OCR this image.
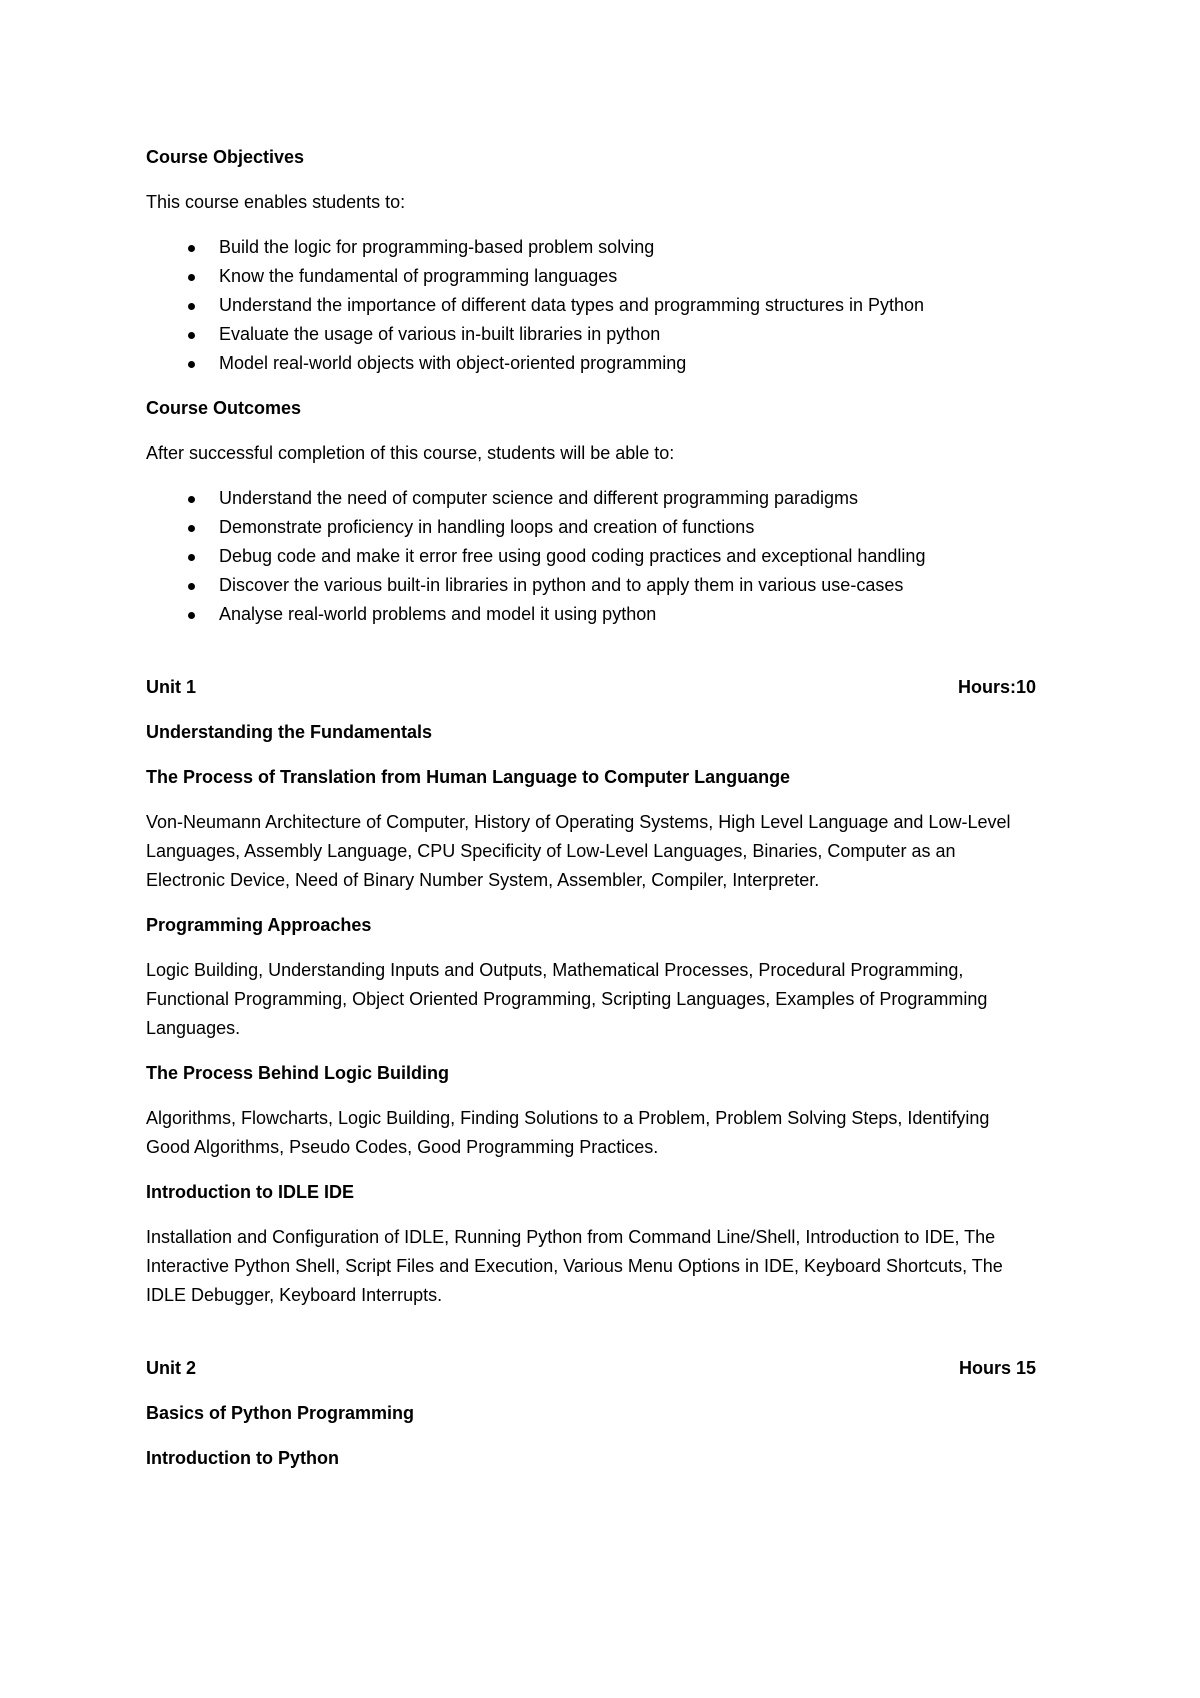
Course Objectives
This course enables students to:
Build the logic for programming-based problem solving
Know the fundamental of programming languages
Understand the importance of different data types and programming structures in Python
Evaluate the usage of various in-built libraries in python
Model real-world objects with object-oriented programming
Course Outcomes
After successful completion of this course, students will be able to:
Understand the need of computer science and different programming paradigms
Demonstrate proficiency in handling loops and creation of functions
Debug code and make it error free using good coding practices and exceptional handling
Discover the various built-in libraries in python and to apply them in various use-cases
Analyse real-world problems and model it using python
Unit 1	Hours:10
Understanding the Fundamentals
The Process of Translation from Human Language to Computer Languange
Von-Neumann Architecture of Computer, History of Operating Systems, High Level Language and Low-Level Languages, Assembly Language, CPU Specificity of Low-Level Languages, Binaries, Computer as an Electronic Device, Need of Binary Number System, Assembler, Compiler, Interpreter.
Programming Approaches
Logic Building, Understanding Inputs and Outputs, Mathematical Processes, Procedural Programming, Functional Programming, Object Oriented Programming, Scripting Languages, Examples of Programming Languages.
The Process Behind Logic Building
Algorithms, Flowcharts, Logic Building, Finding Solutions to a Problem, Problem Solving Steps, Identifying Good Algorithms, Pseudo Codes, Good Programming Practices.
Introduction to IDLE IDE
Installation and Configuration of IDLE, Running Python from Command Line/Shell, Introduction to IDE, The Interactive Python Shell, Script Files and Execution, Various Menu Options in IDE, Keyboard Shortcuts, The IDLE Debugger, Keyboard Interrupts.
Unit 2	Hours 15
Basics of Python Programming
Introduction to Python
